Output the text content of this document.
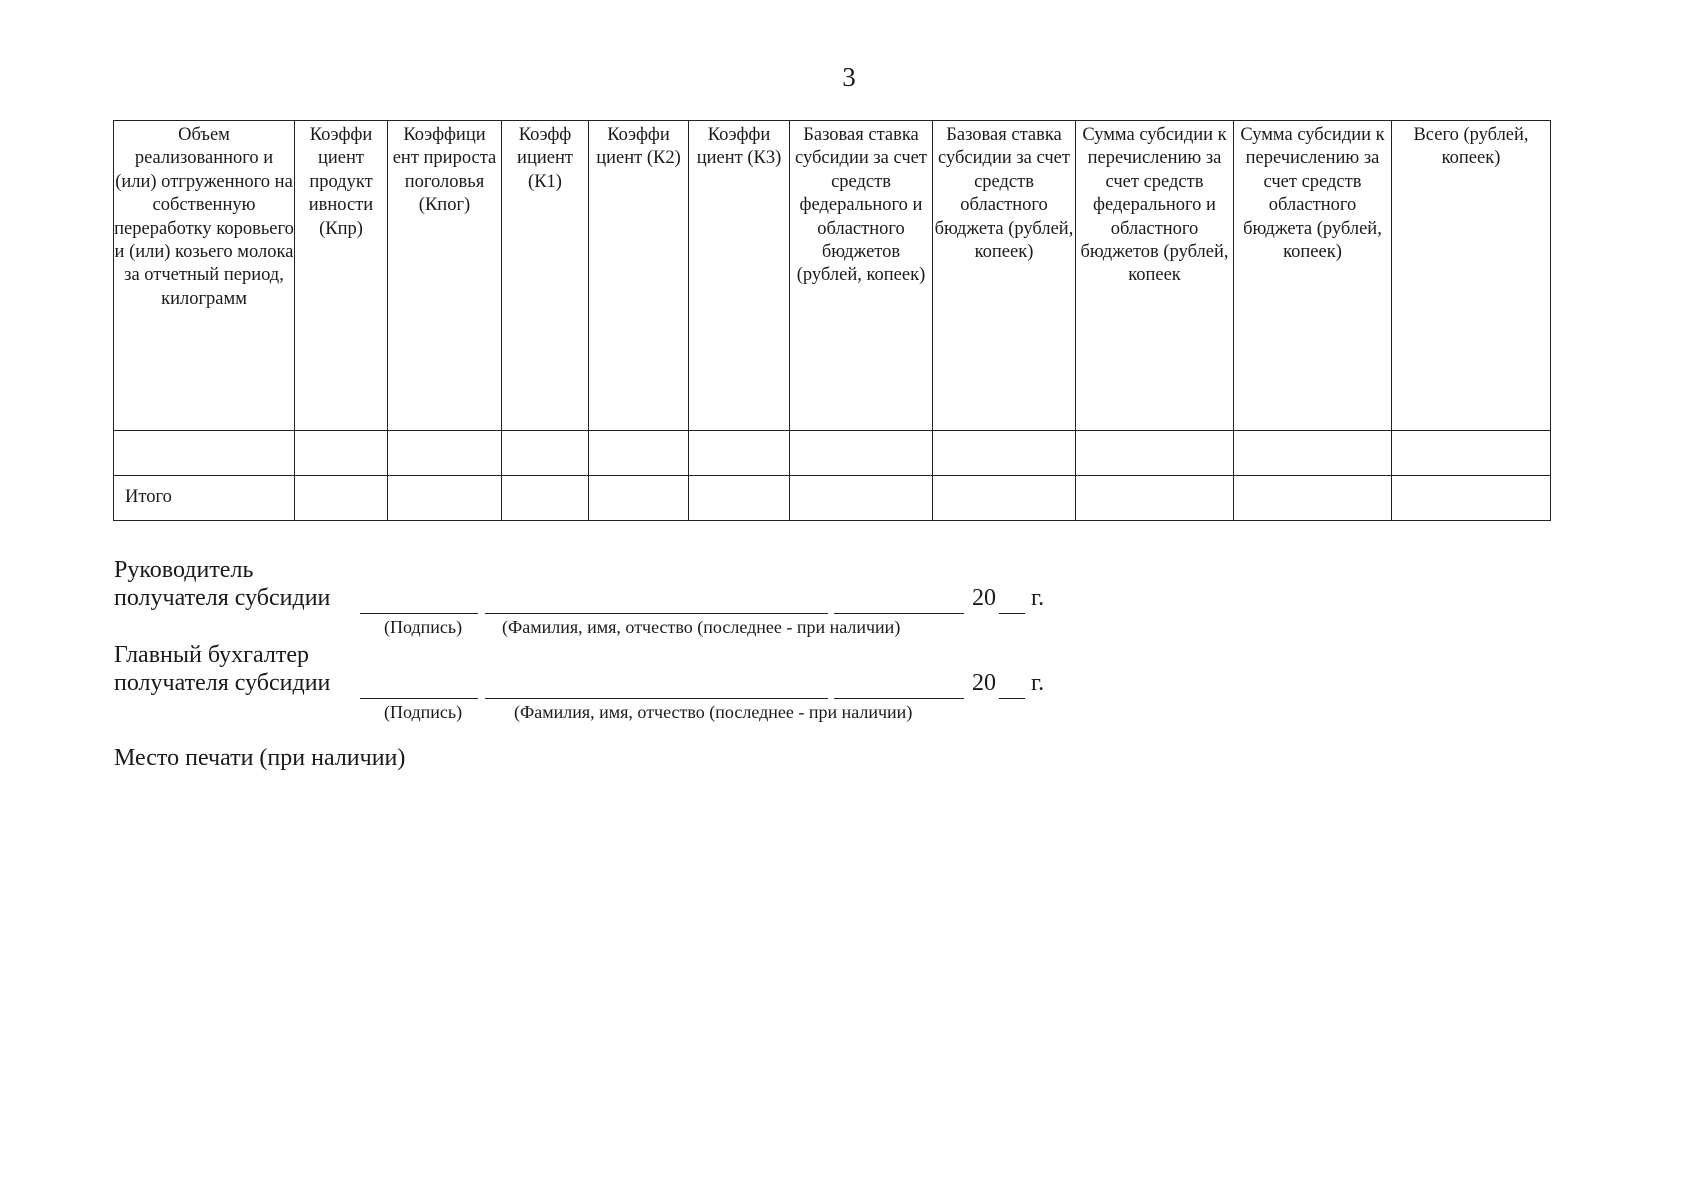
3
Объем реализованного и (или) отгруженного на собственную переработку коровьего и (или) козьего молока за отчетный период, килограмм	Коэффи циент продукт ивности (Кпр)	Коэффици ент прироста поголовья (Кпог)	Коэфф ициент (К1)	Коэффи циент (К2)	Коэффи циент (К3)	Базовая ставка субсидии за счет средств федерального и областного бюджетов (рублей, копеек)	Базовая ставка субсидии за счет средств областного бюджета (рублей, копеек)	Сумма субсидии к перечислению за счет средств федерального и областного бюджетов (рублей, копеек	Сумма субсидии к перечислению за счет средств областного бюджета (рублей, копеек)	Всего (рублей, копеек)

Итого										
Руководитель
получателя субсидии	20 г.
(Подпись) (Фамилия, имя, отчество (последнее - при наличии)
Главный бухгалтер
получателя субсидии	20 г.
(Подпись)	(Фамилия, имя, отчество (последнее - при наличии)
Место печати (при наличии)
